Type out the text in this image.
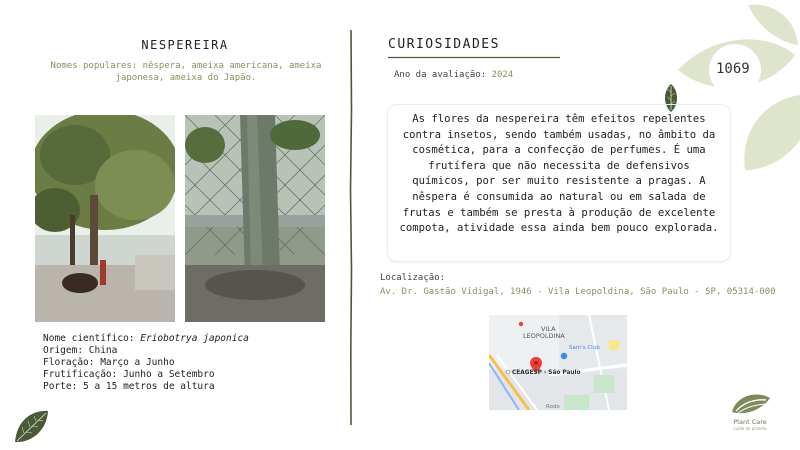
NESPEREIRA
Nomes populares: nêspera, ameixa americana, ameixa japonesa, ameixa do Japão.
Nome científico: Eriobotrya japonica
Origem: China
Floração: Março a Junho
Frutificação: Junho a Setembro
Porte: 5 a 15 metros de altura
CURIOSIDADES
Ano da avaliação: 2024	1069
As flores da nespereira têm efeitos repelentes contra insetos, sendo também usadas, no âmbito da cosmética, para a confecção de perfumes. É uma frutífera que não necessita de defensivos químicos, por ser muito resistente a pragas. A nêspera é consumida ao natural ou em salada de frutas e também se presta à produção de excelente compota, atividade essa ainda bem pouco explorada.
Localização:
Av. Dr. Gastão Vidigal, 1946 - Vila Leopoldina, São Paulo - SP, 05314-000
VILA
LEOPOLDINA
Sam's Club
CEAGESP - São Paulo
Rodo
Plant Care
cuide do planeta
